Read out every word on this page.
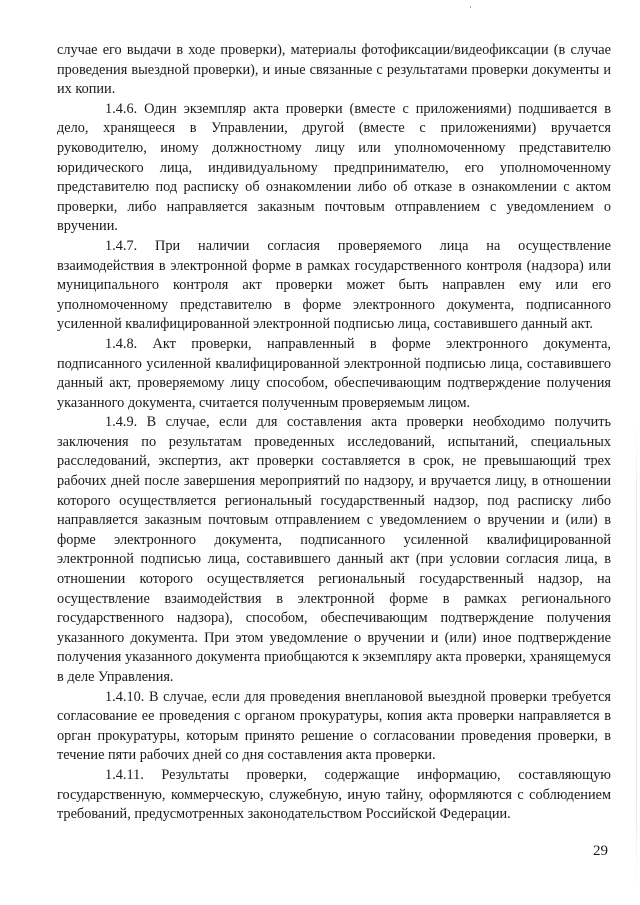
случае его выдачи в ходе проверки), материалы фотофиксации/видеофиксации (в случае проведения выездной проверки), и иные связанные с результатами проверки документы и их копии.

1.4.6. Один экземпляр акта проверки (вместе с приложениями) подшивается в дело, хранящееся в Управлении, другой (вместе с приложениями) вручается руководителю, иному должностному лицу или уполномоченному представителю юридического лица, индивидуальному предпринимателю, его уполномоченному представителю под расписку об ознакомлении либо об отказе в ознакомлении с актом проверки, либо направляется заказным почтовым отправлением с уведомлением о вручении.

1.4.7. При наличии согласия проверяемого лица на осуществление взаимодействия в электронной форме в рамках государственного контроля (надзора) или муниципального контроля акт проверки может быть направлен ему или его уполномоченному представителю в форме электронного документа, подписанного усиленной квалифицированной электронной подписью лица, составившего данный акт.

1.4.8. Акт проверки, направленный в форме электронного документа, подписанного усиленной квалифицированной электронной подписью лица, составившего данный акт, проверяемому лицу способом, обеспечивающим подтверждение получения указанного документа, считается полученным проверяемым лицом.

1.4.9. В случае, если для составления акта проверки необходимо получить заключения по результатам проведенных исследований, испытаний, специальных расследований, экспертиз, акт проверки составляется в срок, не превышающий трех рабочих дней после завершения мероприятий по надзору, и вручается лицу, в отношении которого осуществляется региональный государственный надзор, под расписку либо направляется заказным почтовым отправлением с уведомлением о вручении и (или) в форме электронного документа, подписанного усиленной квалифицированной электронной подписью лица, составившего данный акт (при условии согласия лица, в отношении которого осуществляется региональный государственный надзор, на осуществление взаимодействия в электронной форме в рамках регионального государственного надзора), способом, обеспечивающим подтверждение получения указанного документа. При этом уведомление о вручении и (или) иное подтверждение получения указанного документа приобщаются к экземпляру акта проверки, хранящемуся в деле Управления.

1.4.10. В случае, если для проведения внеплановой выездной проверки требуется согласование ее проведения с органом прокуратуры, копия акта проверки направляется в орган прокуратуры, которым принято решение о согласовании проведения проверки, в течение пяти рабочих дней со дня составления акта проверки.

1.4.11. Результаты проверки, содержащие информацию, составляющую государственную, коммерческую, служебную, иную тайну, оформляются с соблюдением требований, предусмотренных законодательством Российской Федерации.

29
